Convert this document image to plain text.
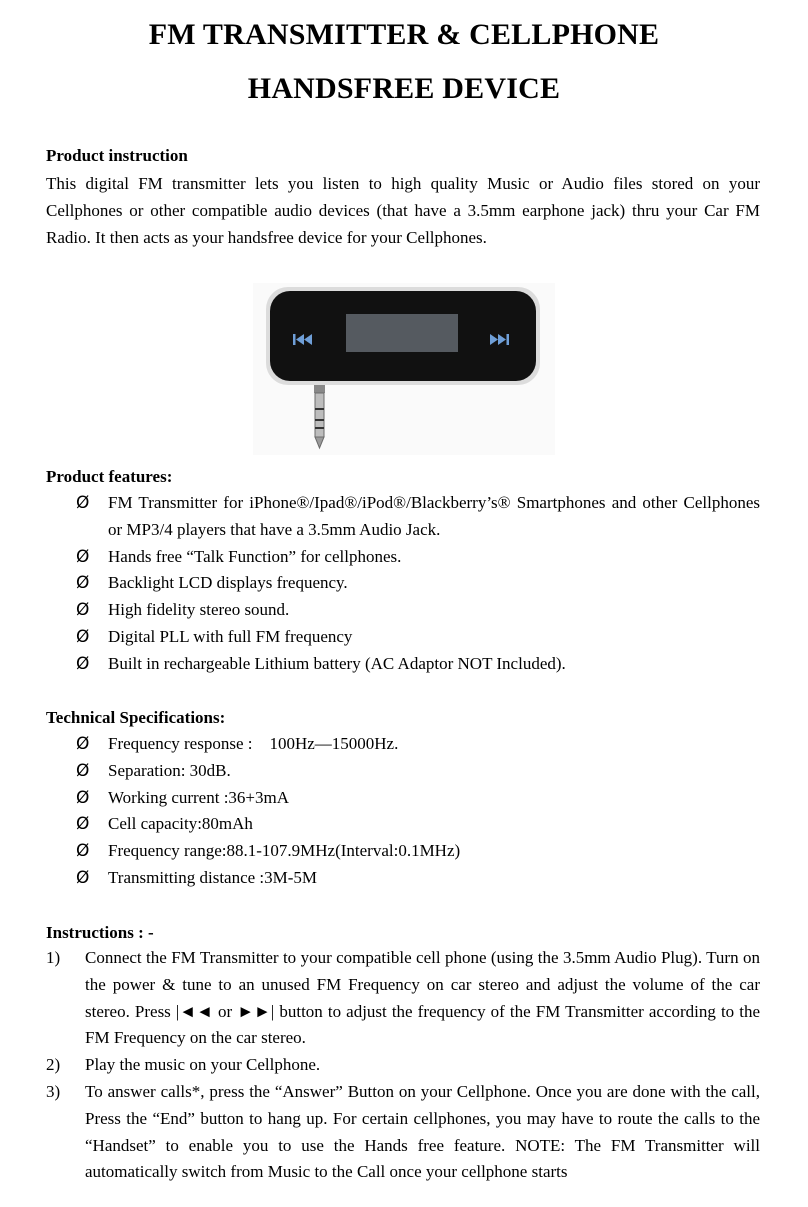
FM TRANSMITTER & CELLPHONE
HANDSFREE DEVICE
Product instruction
This digital FM transmitter lets you listen to high quality Music or Audio files stored on your Cellphones or other compatible audio devices (that have a 3.5mm earphone jack) thru your Car FM Radio. It then acts as your handsfree device for your Cellphones.
Product features:
Ø FM Transmitter for iPhone®/Ipad®/iPod®/Blackberry’s® Smartphones and other Cellphones or MP3/4 players that have a 3.5mm Audio Jack.
Ø Hands free “Talk Function” for cellphones.
Ø Backlight LCD displays frequency.
Ø High fidelity stereo sound.
Ø Digital PLL with full FM frequency
Ø Built in rechargeable Lithium battery (AC Adaptor NOT Included).
Technical Specifications:
Ø Frequency response :    100Hz—15000Hz.
Ø Separation: 30dB.
Ø Working current :36+3mA
Ø Cell capacity:80mAh
Ø Frequency range:88.1-107.9MHz(Interval:0.1MHz)
Ø Transmitting distance :3M-5M
Instructions : -
1) Connect the FM Transmitter to your compatible cell phone (using the 3.5mm Audio Plug). Turn on the power & tune to an unused FM Frequency on car stereo and adjust the volume of the car stereo. Press |◄◄ or ►►| button to adjust the frequency of the FM Transmitter according to the FM Frequency on the car stereo.
2) Play the music on your Cellphone.
3) To answer calls*, press the “Answer” Button on your Cellphone. Once you are done with the call, Press the “End” button to hang up. For certain cellphones, you may have to route the calls to the “Handset” to enable you to use the Hands free feature. NOTE: The FM Transmitter will automatically switch from Music to the Call once your cellphone starts
